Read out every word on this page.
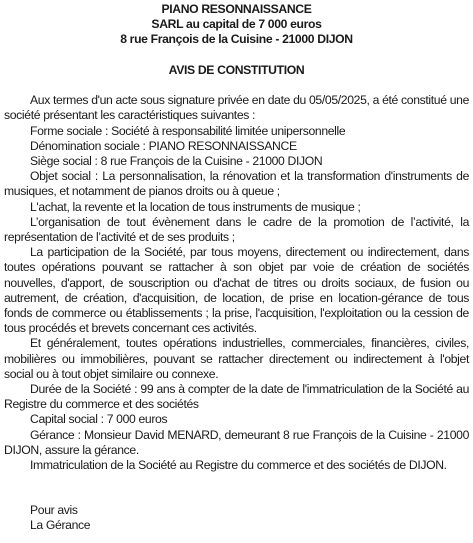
PIANO RESONNAISSANCE
SARL au capital de 7 000 euros
8 rue François de la Cuisine - 21000 DIJON
AVIS DE CONSTITUTION

Aux termes d'un acte sous signature privée en date du 05/05/2025, a été constitué une société présentant les caractéristiques suivantes :

Forme sociale : Société à responsabilité limitée unipersonnelle

Dénomination sociale : PIANO RESONNAISSANCE

Siège social : 8 rue François de la Cuisine - 21000 DIJON

Objet social : La personnalisation, la rénovation et la transformation d'instruments de musiques, et notamment de pianos droits ou à queue ;

L'achat, la revente et la location de tous instruments de musique ;

L’organisation de tout évènement dans le cadre de la promotion de l’activité, la représentation de l’activité et de ses produits ;

La participation de la Société, par tous moyens, directement ou indirectement, dans toutes opérations pouvant se rattacher à son objet par voie de création de sociétés nouvelles, d'apport, de souscription ou d'achat de titres ou droits sociaux, de fusion ou autrement, de création, d'acquisition, de location, de prise en location-gérance de tous fonds de commerce ou établissements ; la prise, l'acquisition, l'exploitation ou la cession de tous procédés et brevets concernant ces activités.

Et généralement, toutes opérations industrielles, commerciales, financières, civiles, mobilières ou immobilières, pouvant se rattacher directement ou indirectement à l'objet social ou à tout objet similaire ou connexe.

Durée de la Société : 99 ans à compter de la date de l'immatriculation de la Société au Registre du commerce et des sociétés

Capital social : 7 000 euros

Gérance : Monsieur David MENARD, demeurant 8 rue François de la Cuisine - 21000 DIJON, assure la gérance.

Immatriculation de la Société au Registre du commerce et des sociétés de DIJON.

Pour avis
La Gérance
